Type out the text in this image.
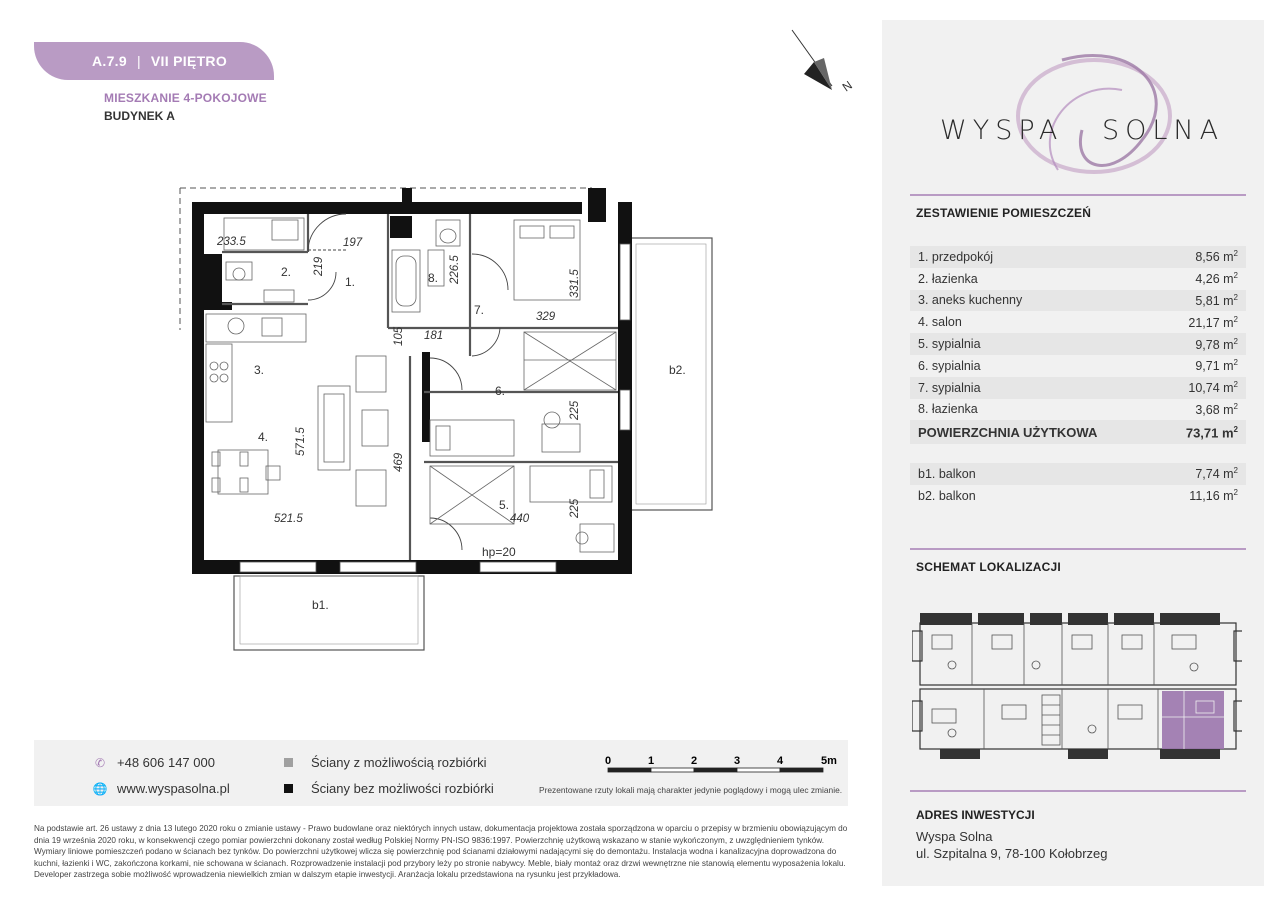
A.7.9 | VII PIĘTRO
MIESZKANIE 4-POKOJOWE
BUDYNEK A
N
1.
2.
3.
4.
5.
6.
7.
8.
b1.
b2.
233.5	197
219	226.5	331.5
329
105 181
571.5
469
225
225
521.5	440
hp=20
WYSPA SOLNA
ZESTAWIENIE POMIESZCZEŃ
1. przedpokój	8,56 $m^2$
2. łazienka	4,26 $m^2$
3. aneks kuchenny	5,81 $m^2$
4. salon	21,17 $m^2$
5. sypialnia	9,78 $m^2$
6. sypialnia	9,71 $m^2$
7. sypialnia	10,74 $m^2$
8. łazienka	3,68 $m^2$
POWIERZCHNIA UŻYTKOWA	73,71 $m^2$
b1. balkon	7,74 $m^2$
b2. balkon	11,16 $m^2$
SCHEMAT LOKALIZACJI
ADRES INWESTYCJI
Wyspa Solna
ul. Szpitalna 9, 78-100 Kołobrzeg
✆ +48 606 147 000
🌐 www.wyspasolna.pl
Ściany z możliwością rozbiórki
Ściany bez możliwości rozbiórki
0	1	2	3	4	5m
Prezentowane rzuty lokali mają charakter jedynie poglądowy i mogą ulec zmianie.
Na podstawie art. 26 ustawy z dnia 13 lutego 2020 roku o zmianie ustawy - Prawo budowlane oraz niektórych innych ustaw, dokumentacja projektowa została sporządzona w oparciu o przepisy w brzmieniu obowiązującym do dnia 19 września 2020 roku, w konsekwencji czego pomiar powierzchni dokonany został według Polskiej Normy PN-ISO 9836:1997. Powierzchnię użytkową wskazano w stanie wykończonym, z uwzględnieniem tynków. Wymiary liniowe pomieszczeń podano w ścianach bez tynków. Do powierzchni użytkowej wlicza się powierzchnię pod ścianami działowymi nadającymi się do demontażu. Instalacja wodna i kanalizacyjna doprowadzona do kuchni, łazienki i WC, zakończona korkami, nie schowana w ścianach. Rozprowadzenie instalacji pod przybory leży po stronie nabywcy. Meble, biały montaż oraz drzwi wewnętrzne nie stanowią elementu wyposażenia lokalu. Developer zastrzega sobie możliwość wprowadzenia niewielkich zmian w dalszym etapie inwestycji. Aranżacja lokalu przedstawiona na rysunku jest przykładowa.
